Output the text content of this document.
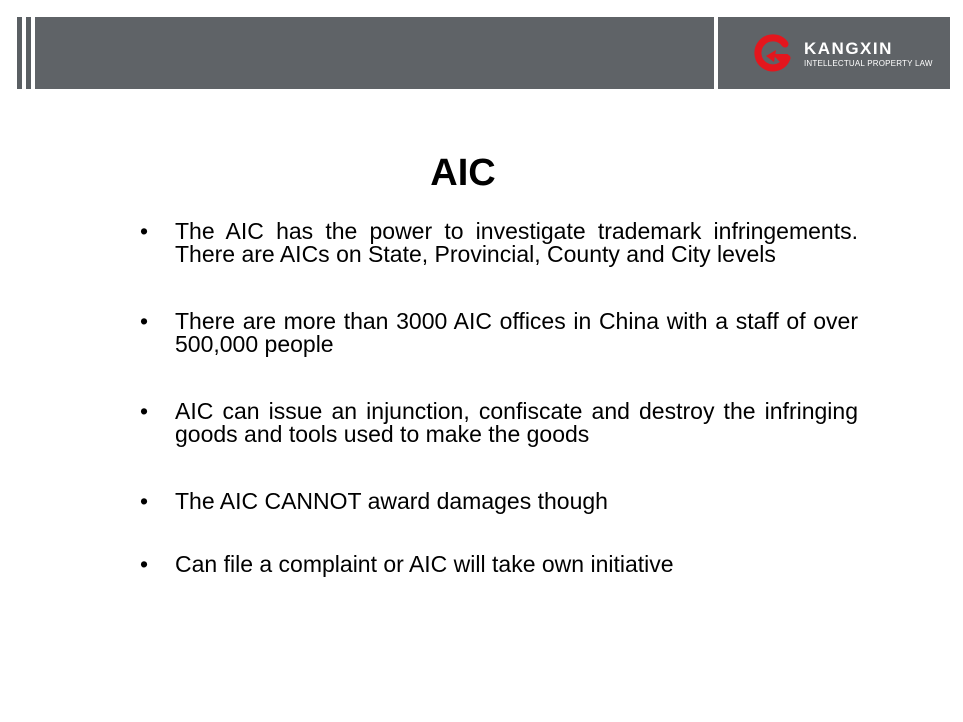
KANGXIN
INTELLECTUAL PROPERTY LAW
AIC
• The AIC has the power to investigate trademark infringements. There are AICs on State, Provincial, County and City levels
• There are more than 3000 AIC offices in China with a staff of over 500,000 people
• AIC can issue an injunction, confiscate and destroy the infringing goods and tools used to make the goods
• The AIC CANNOT award damages though
• Can file a complaint or AIC will take own initiative
